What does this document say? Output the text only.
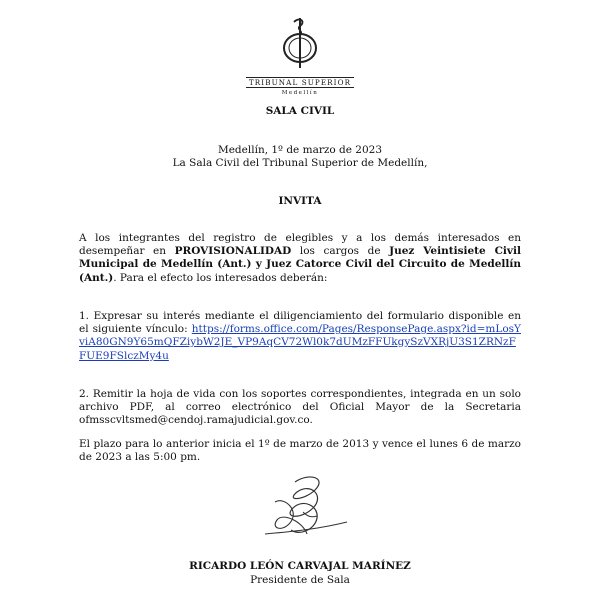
TRIBUNAL SUPERIOR
Medellín
SALA CIVIL
Medellín, 1º de marzo de 2023
La Sala Civil del Tribunal Superior de Medellín,
INVITA
A los integrantes del registro de elegibles y a los demás interesados en desempeñar en PROVISIONALIDAD los cargos de Juez Veintisiete Civil Municipal de Medellín (Ant.) y Juez Catorce Civil del Circuito de Medellín (Ant.). Para el efecto los interesados deberán:
1. Expresar su interés mediante el diligenciamiento del formulario disponible en el siguiente vínculo: https://forms.office.com/Pages/ResponsePage.aspx?id=mLosYviA80GN9Y65mQFZiybW2JE_VP9AqCV72Wl0k7dUMzFFUkgySzVXRjU3S1ZRNzFFUE9FSlczMy4u
2. Remitir la hoja de vida con los soportes correspondientes, integrada en un solo archivo PDF, al correo electrónico del Oficial Mayor de la Secretaria ofmsscvltsmed@cendoj.ramajudicial.gov.co.
El plazo para lo anterior inicia el 1º de marzo de 2013 y vence el lunes 6 de marzo de 2023 a las 5:00 pm.
RICARDO LEÓN CARVAJAL MARÍNEZ
Presidente de Sala
